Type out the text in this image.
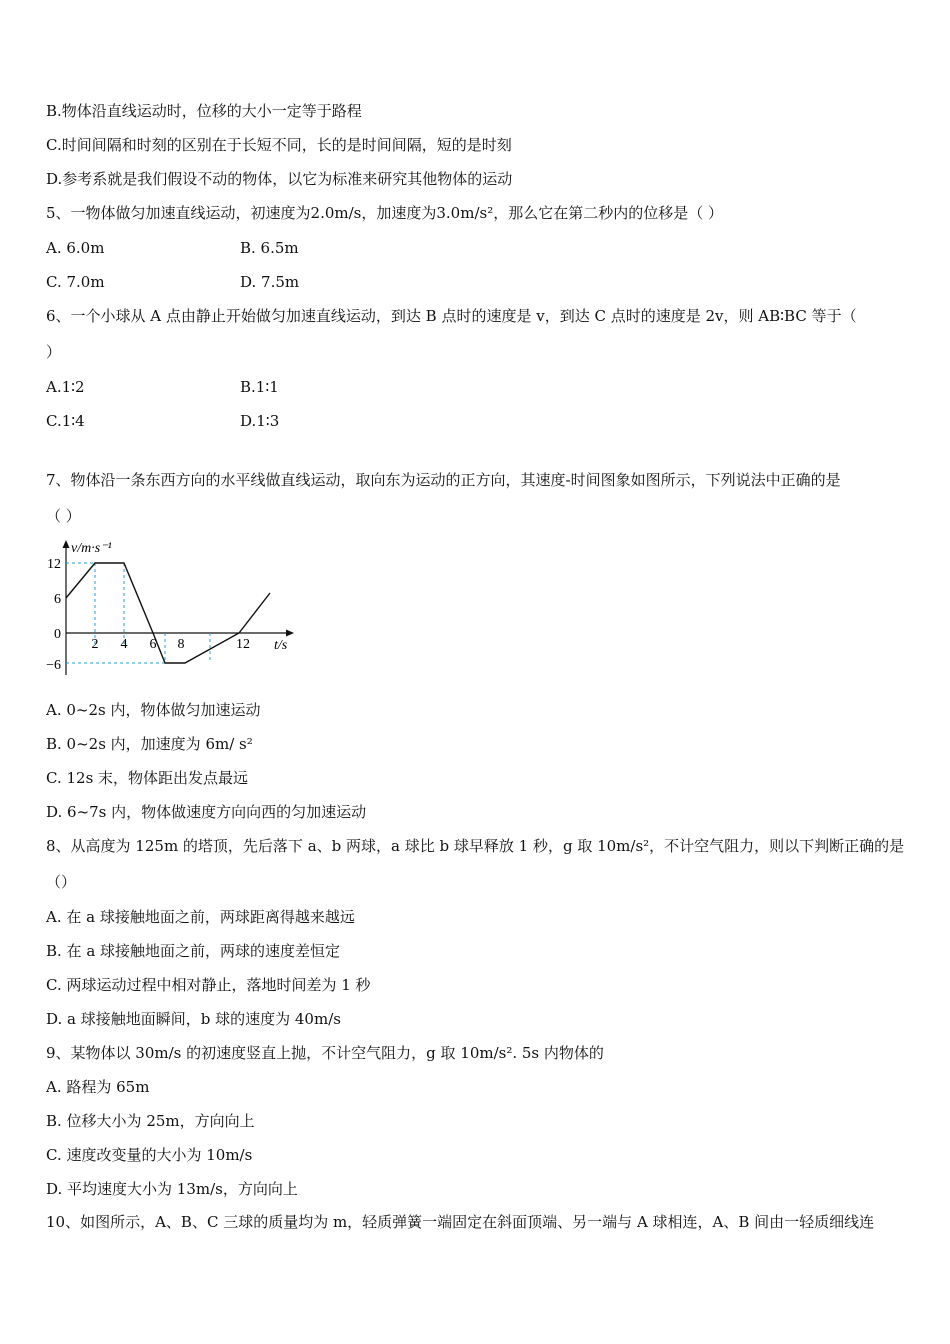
B.物体沿直线运动时，位移的大小一定等于路程
C.时间间隔和时刻的区别在于长短不同，长的是时间间隔，短的是时刻
D.参考系就是我们假设不动的物体，以它为标准来研究其他物体的运动
5、一物体做匀加速直线运动，初速度为2.0m/s，加速度为3.0m/s²，那么它在第二秒内的位移是（ ）
A. 6.0m	B. 6.5m
C. 7.0m	D. 7.5m
6、一个小球从 A 点由静止开始做匀加速直线运动，到达 B 点时的速度是 v，到达 C 点时的速度是 2v，则 AB∶BC 等于（
）
A.1∶2	B.1∶1
C.1∶4	D.1∶3
7、物体沿一条东西方向的水平线做直线运动，取向东为运动的正方向，其速度-时间图象如图所示，下列说法中正确的是
（ ）
v/m·s⁻¹
t/s
12
6
0
−6
2 4 6 8	12
A. 0~2s 内，物体做匀加速运动
B. 0~2s 内，加速度为 6m/ s²
C. 12s 末，物体距出发点最远
D. 6~7s 内，物体做速度方向向西的匀加速运动
8、从高度为 125m 的塔顶，先后落下 a、b 两球，a 球比 b 球早释放 1 秒，g 取 10m/s²，不计空气阻力，则以下判断正确的是
（）
A. 在 a 球接触地面之前，两球距离得越来越远
B. 在 a 球接触地面之前，两球的速度差恒定
C. 两球运动过程中相对静止，落地时间差为 1 秒
D. a 球接触地面瞬间，b 球的速度为 40m/s
9、某物体以 30m/s 的初速度竖直上抛，不计空气阻力，g 取 10m/s². 5s 内物体的
A. 路程为 65m
B. 位移大小为 25m，方向向上
C. 速度改变量的大小为 10m/s
D. 平均速度大小为 13m/s，方向向上
10、如图所示，A、B、C 三球的质量均为 m，轻质弹簧一端固定在斜面顶端、另一端与 A 球相连，A、B 间由一轻质细线连
